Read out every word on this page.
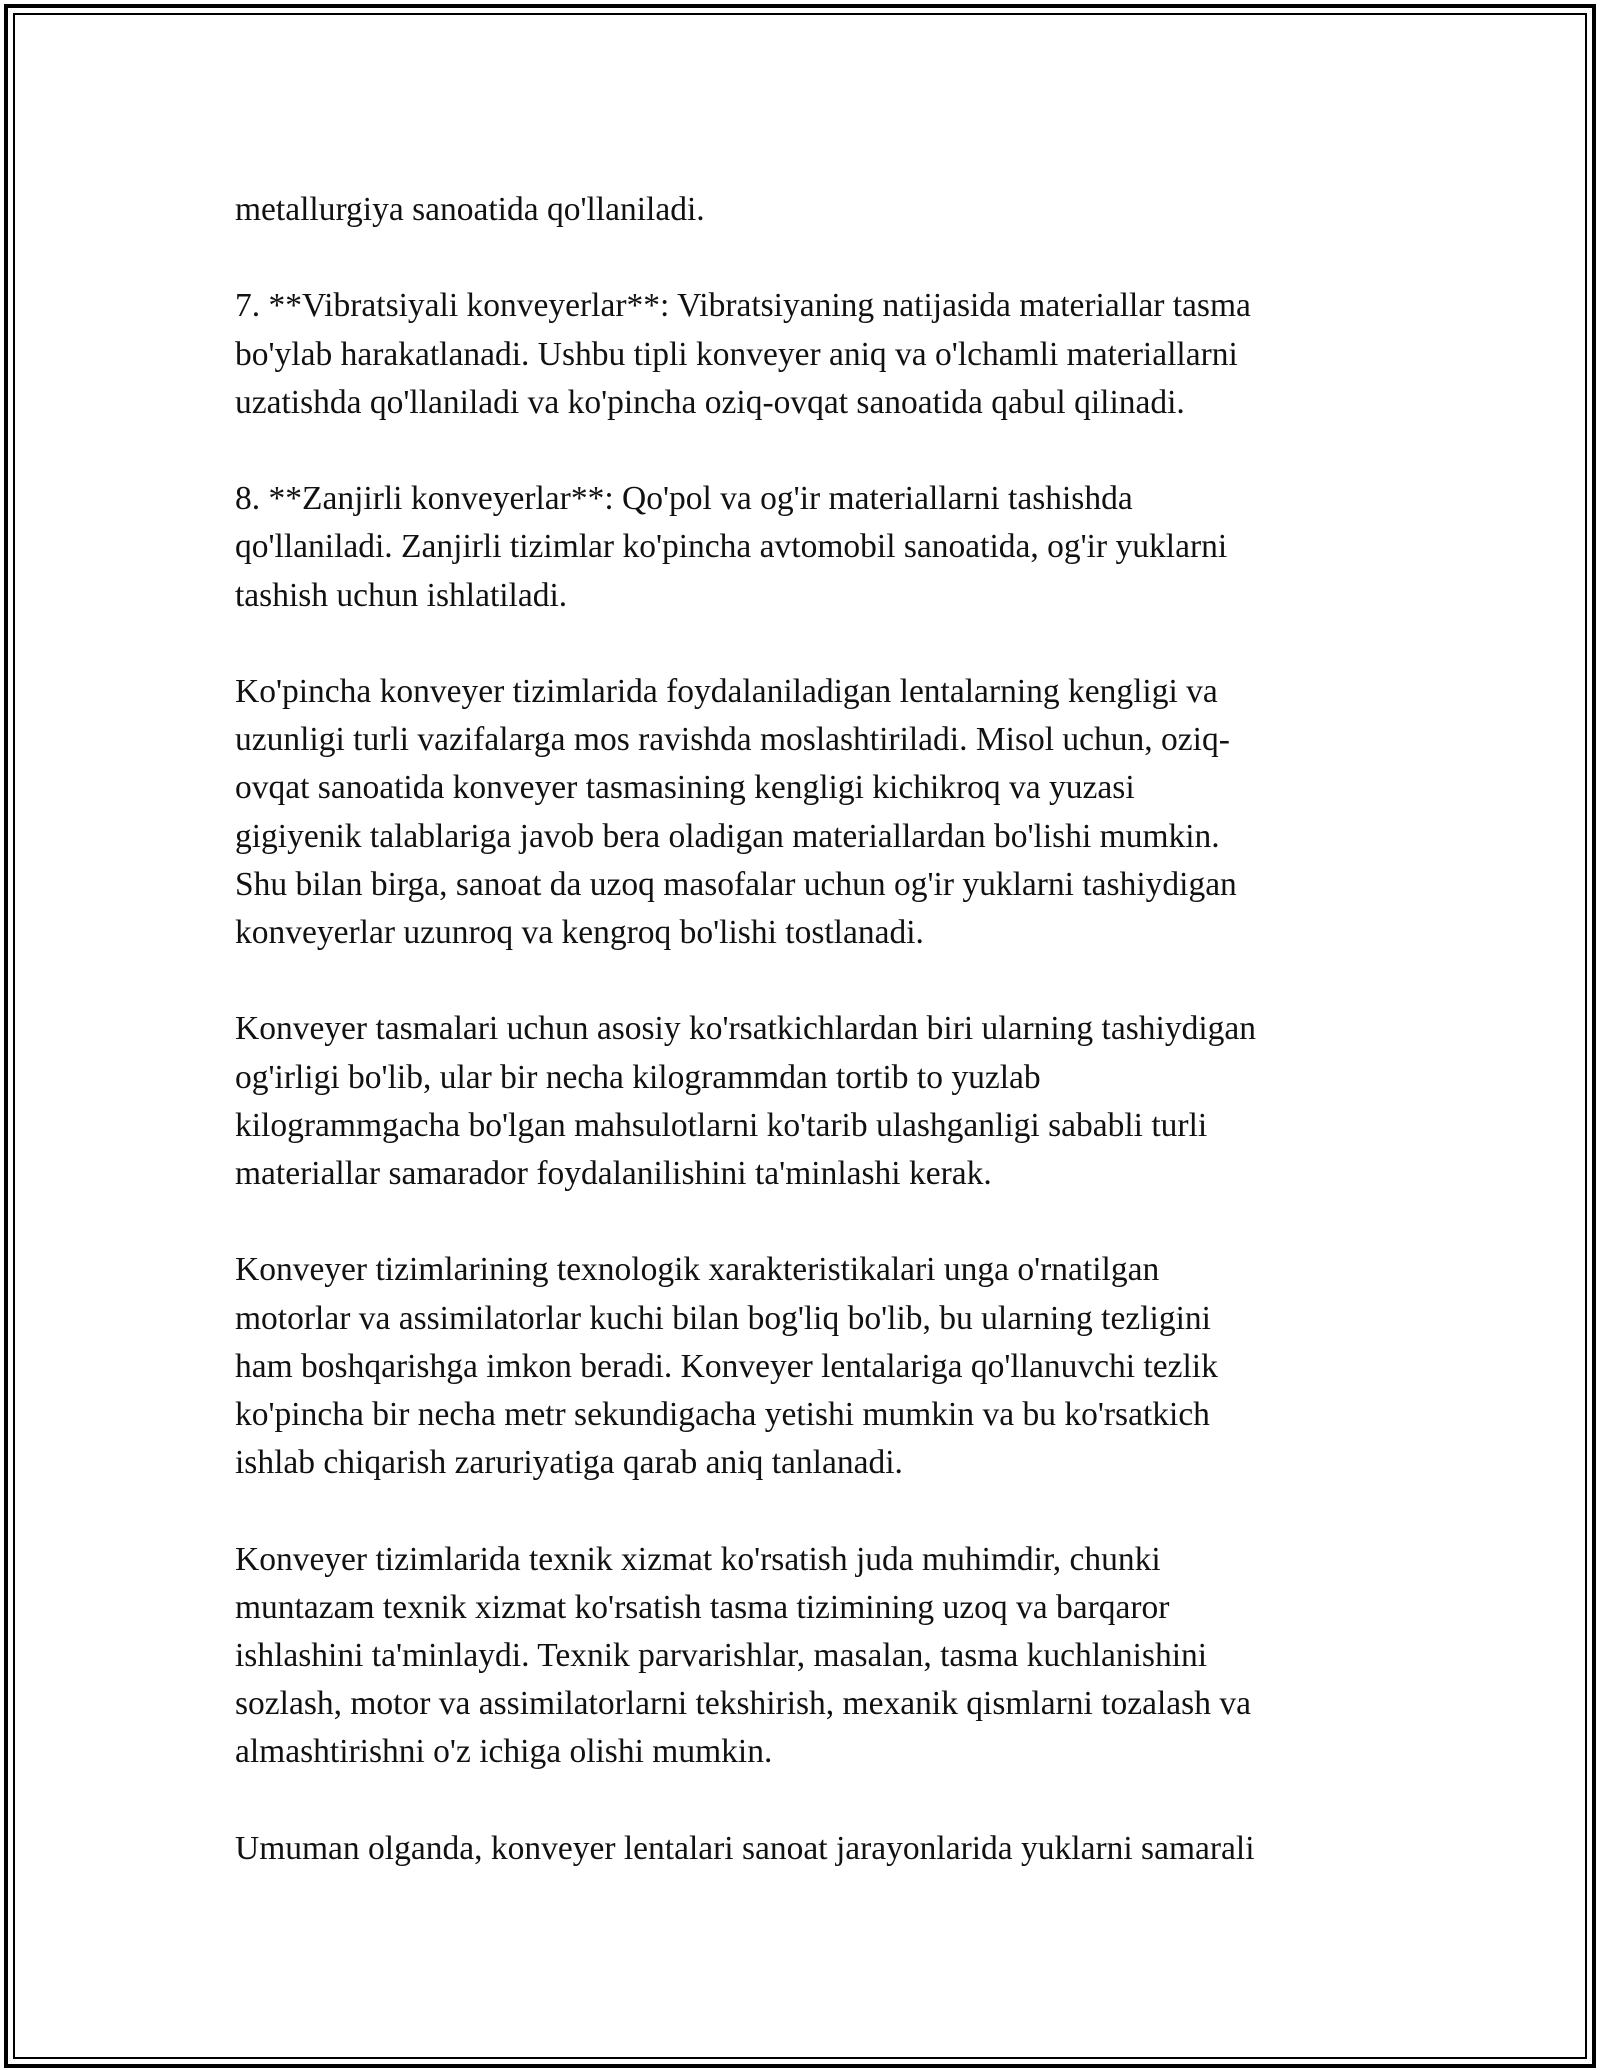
metallurgiya sanoatida qo'llaniladi.

7. **Vibratsiyali konveyerlar**: Vibratsiyaning natijasida materiallar tasma
bo'ylab harakatlanadi. Ushbu tipli konveyer aniq va o'lchamli materiallarni
uzatishda qo'llaniladi va ko'pincha oziq-ovqat sanoatida qabul qilinadi.

8. **Zanjirli konveyerlar**: Qo'pol va og'ir materiallarni tashishda
qo'llaniladi. Zanjirli tizimlar ko'pincha avtomobil sanoatida, og'ir yuklarni
tashish uchun ishlatiladi.

Ko'pincha konveyer tizimlarida foydalaniladigan lentalarning kengligi va
uzunligi turli vazifalarga mos ravishda moslashtiriladi. Misol uchun, oziq-
ovqat sanoatida konveyer tasmasining kengligi kichikroq va yuzasi
gigiyenik talablariga javob bera oladigan materiallardan bo'lishi mumkin.
Shu bilan birga, sanoat da uzoq masofalar uchun og'ir yuklarni tashiydigan
konveyerlar uzunroq va kengroq bo'lishi tostlanadi.

Konveyer tasmalari uchun asosiy ko'rsatkichlardan biri ularning tashiydigan
og'irligi bo'lib, ular bir necha kilogrammdan tortib to yuzlab
kilogrammgacha bo'lgan mahsulotlarni ko'tarib ulashganligi sababli turli
materiallar samarador foydalanilishini ta'minlashi kerak.

Konveyer tizimlarining texnologik xarakteristikalari unga o'rnatilgan
motorlar va assimilatorlar kuchi bilan bog'liq bo'lib, bu ularning tezligini
ham boshqarishga imkon beradi. Konveyer lentalariga qo'llanuvchi tezlik
ko'pincha bir necha metr sekundigacha yetishi mumkin va bu ko'rsatkich
ishlab chiqarish zaruriyatiga qarab aniq tanlanadi.

Konveyer tizimlarida texnik xizmat ko'rsatish juda muhimdir, chunki
muntazam texnik xizmat ko'rsatish tasma tizimining uzoq va barqaror
ishlashini ta'minlaydi. Texnik parvarishlar, masalan, tasma kuchlanishini
sozlash, motor va assimilatorlarni tekshirish, mexanik qismlarni tozalash va
almashtirishni o'z ichiga olishi mumkin.

Umuman olganda, konveyer lentalari sanoat jarayonlarida yuklarni samarali
